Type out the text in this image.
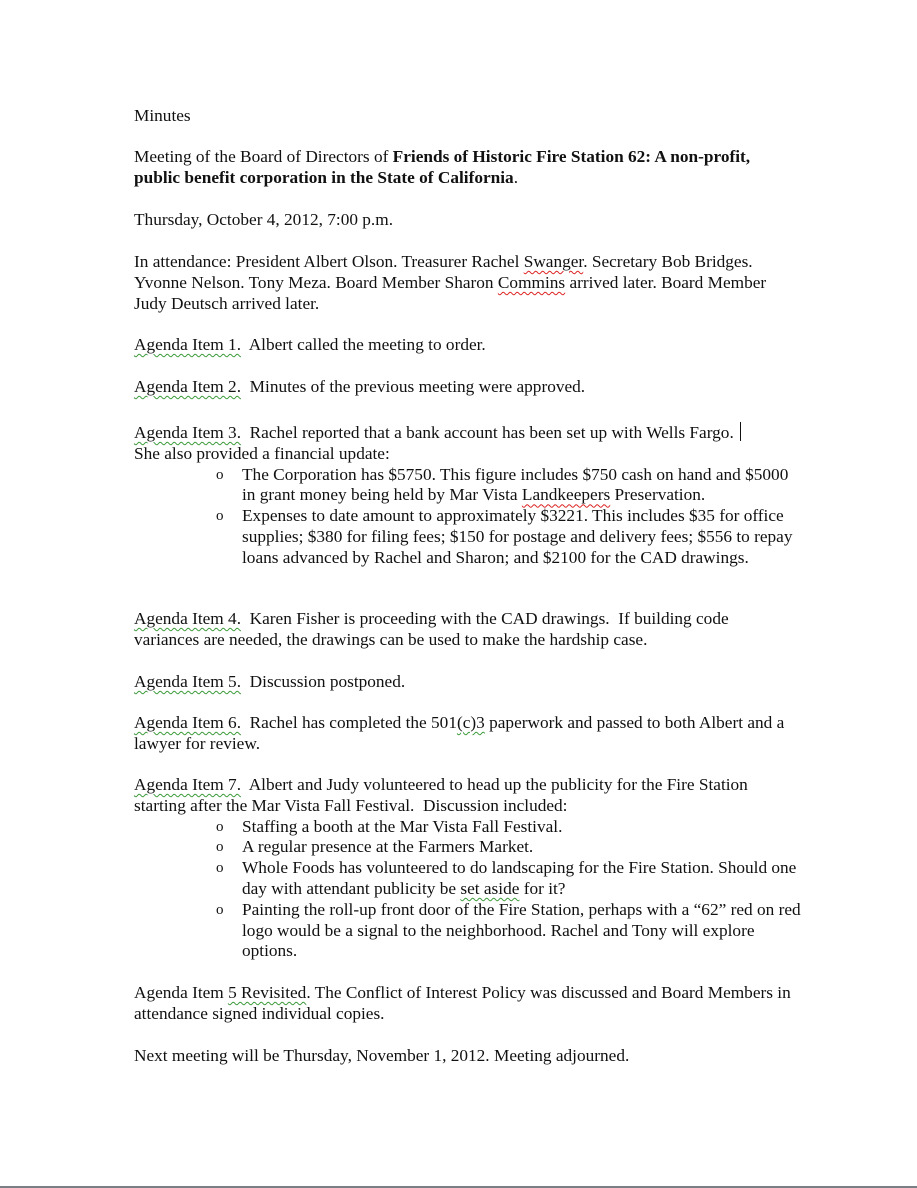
Minutes

Meeting of the Board of Directors of Friends of Historic Fire Station 62: A non-profit, public benefit corporation in the State of California.

Thursday, October 4, 2012, 7:00 p.m.

In attendance: President Albert Olson. Treasurer Rachel Swanger. Secretary Bob Bridges. Yvonne Nelson. Tony Meza. Board Member Sharon Commins arrived later. Board Member Judy Deutsch arrived later.

Agenda Item 1.  Albert called the meeting to order.

Agenda Item 2.  Minutes of the previous meeting were approved.

Agenda Item 3.  Rachel reported that a bank account has been set up with Wells Fargo.

She also provided a financial update:

o The Corporation has $5750. This figure includes $750 cash on hand and $5000 in grant money being held by Mar Vista Landkeepers Preservation.
o Expenses to date amount to approximately $3221. This includes $35 for office supplies; $380 for filing fees; $150 for postage and delivery fees; $556 to repay loans advanced by Rachel and Sharon; and $2100 for the CAD drawings.

Agenda Item 4.  Karen Fisher is proceeding with the CAD drawings.  If building code variances are needed, the drawings can be used to make the hardship case.

Agenda Item 5.  Discussion postponed.

Agenda Item 6.  Rachel has completed the 501(c)3 paperwork and passed to both Albert and a lawyer for review.

Agenda Item 7.  Albert and Judy volunteered to head up the publicity for the Fire Station starting after the Mar Vista Fall Festival.  Discussion included:

o Staffing a booth at the Mar Vista Fall Festival.
o A regular presence at the Farmers Market.
o Whole Foods has volunteered to do landscaping for the Fire Station. Should one day with attendant publicity be set aside for it?
o Painting the roll-up front door of the Fire Station, perhaps with a “62” red on red logo would be a signal to the neighborhood. Rachel and Tony will explore options.

Agenda Item 5 Revisited. The Conflict of Interest Policy was discussed and Board Members in attendance signed individual copies.

Next meeting will be Thursday, November 1, 2012. Meeting adjourned.
